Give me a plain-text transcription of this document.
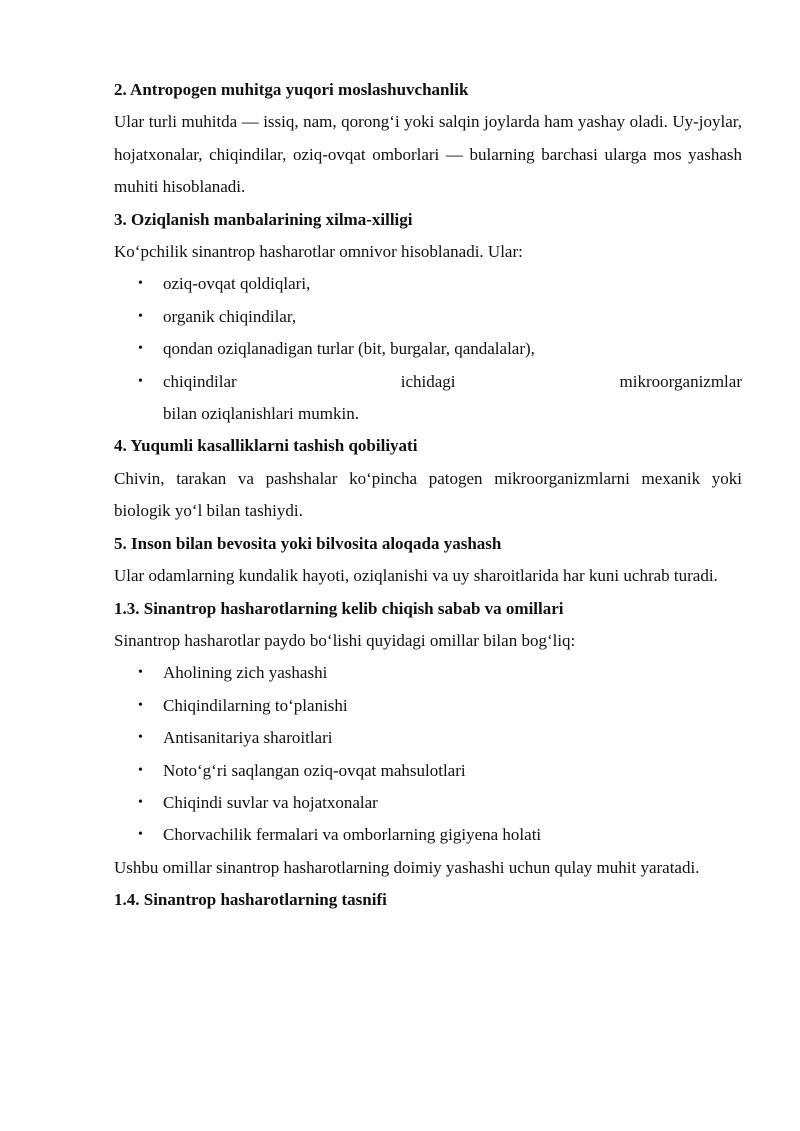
2. Antropogen muhitga yuqori moslashuvchanlik

Ular turli muhitda — issiq, nam, qorongʻi yoki salqin joylarda ham yashay oladi. Uy-joylar, hojatxonalar, chiqindilar, oziq-ovqat omborlari — bularning barchasi ularga mos yashash muhiti hisoblanadi.

3. Oziqlanish manbalarining xilma-xilligi

Koʻpchilik sinantrop hasharotlar omnivor hisoblanadi. Ular:

• oziq-ovqat qoldiqlari,
• organik chiqindilar,
• qondan oziqlanadigan turlar (bit, burgalar, qandalalar),
• chiqindilar ichidagi mikroorganizmlar
bilan oziqlanishlari mumkin.

4. Yuqumli kasalliklarni tashish qobiliyati

Chivin, tarakan va pashshalar koʻpincha patogen mikroorganizmlarni mexanik yoki biologik yoʻl bilan tashiydi.

5. Inson bilan bevosita yoki bilvosita aloqada yashash

Ular odamlarning kundalik hayoti, oziqlanishi va uy sharoitlarida har kuni uchrab turadi.

1.3. Sinantrop hasharotlarning kelib chiqish sabab va omillari

Sinantrop hasharotlar paydo boʻlishi quyidagi omillar bilan bogʻliq:

• Aholining zich yashashi
• Chiqindilarning toʻplanishi
• Antisanitariya sharoitlari
• Notoʻgʻri saqlangan oziq-ovqat mahsulotlari
• Chiqindi suvlar va hojatxonalar
• Chorvachilik fermalari va omborlarning gigiyena holati

Ushbu omillar sinantrop hasharotlarning doimiy yashashi uchun qulay muhit yaratadi.

1.4. Sinantrop hasharotlarning tasnifi
